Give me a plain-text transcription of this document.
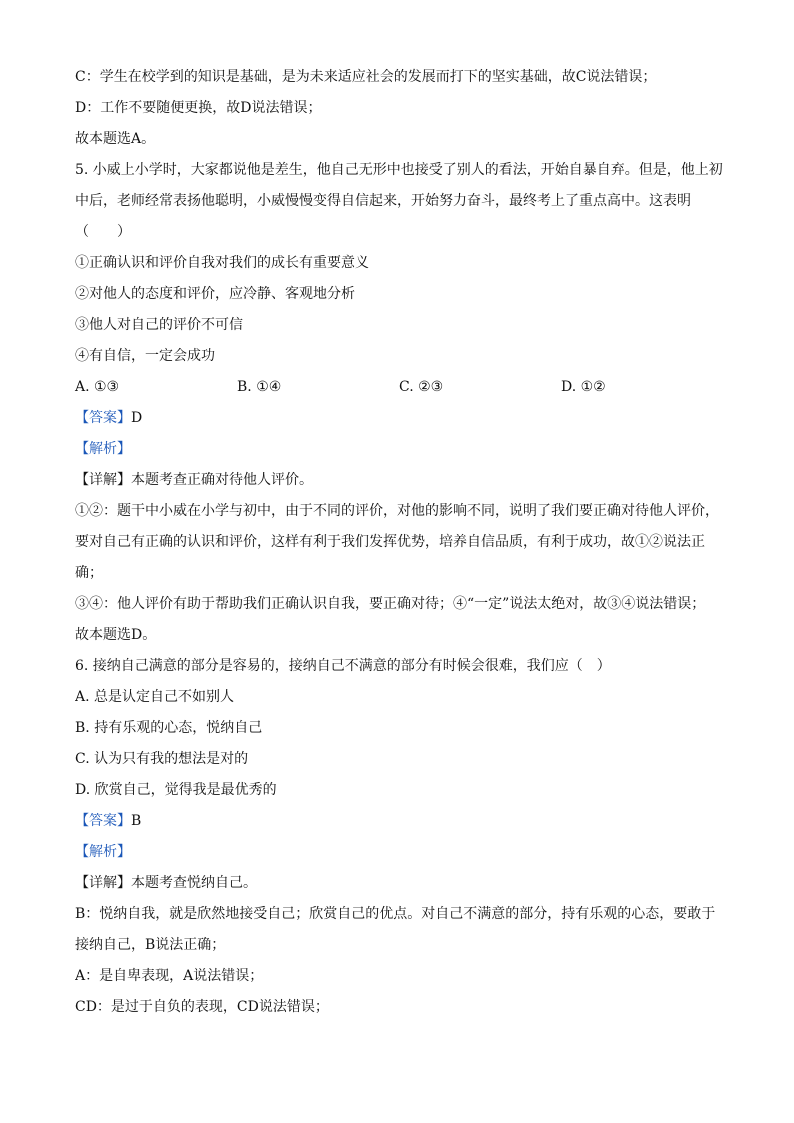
C：学生在校学到的知识是基础，是为未来适应社会的发展而打下的坚实基础，故C说法错误；
D：工作不要随便更换，故D说法错误；
故本题选A。
5. 小威上小学时，大家都说他是差生，他自己无形中也接受了别人的看法，开始自暴自弃。但是，他上初
中后，老师经常表扬他聪明，小威慢慢变得自信起来，开始努力奋斗，最终考上了重点高中。这表明
（　　）
①正确认识和评价自我对我们的成长有重要意义
②对他人的态度和评价，应冷静、客观地分析
③他人对自己的评价不可信
④有自信，一定会成功
A. ①③	B. ①④	C. ②③	D. ①②
【答案】D
【解析】
【详解】本题考查正确对待他人评价。
①②：题干中小威在小学与初中，由于不同的评价，对他的影响不同，说明了我们要正确对待他人评价，
要对自己有正确的认识和评价，这样有利于我们发挥优势，培养自信品质，有利于成功，故①②说法正
确；
③④：他人评价有助于帮助我们正确认识自我，要正确对待；④“一定”说法太绝对，故③④说法错误；
故本题选D。
6. 接纳自己满意的部分是容易的，接纳自己不满意的部分有时候会很难，我们应（　）
A. 总是认定自己不如别人
B. 持有乐观的心态，悦纳自己
C. 认为只有我的想法是对的
D. 欣赏自己，觉得我是最优秀的
【答案】B
【解析】
【详解】本题考查悦纳自己。
B：悦纳自我，就是欣然地接受自己；欣赏自己的优点。对自己不满意的部分，持有乐观的心态，要敢于
接纳自己，B说法正确；
A：是自卑表现，A说法错误；
CD：是过于自负的表现，CD说法错误；
